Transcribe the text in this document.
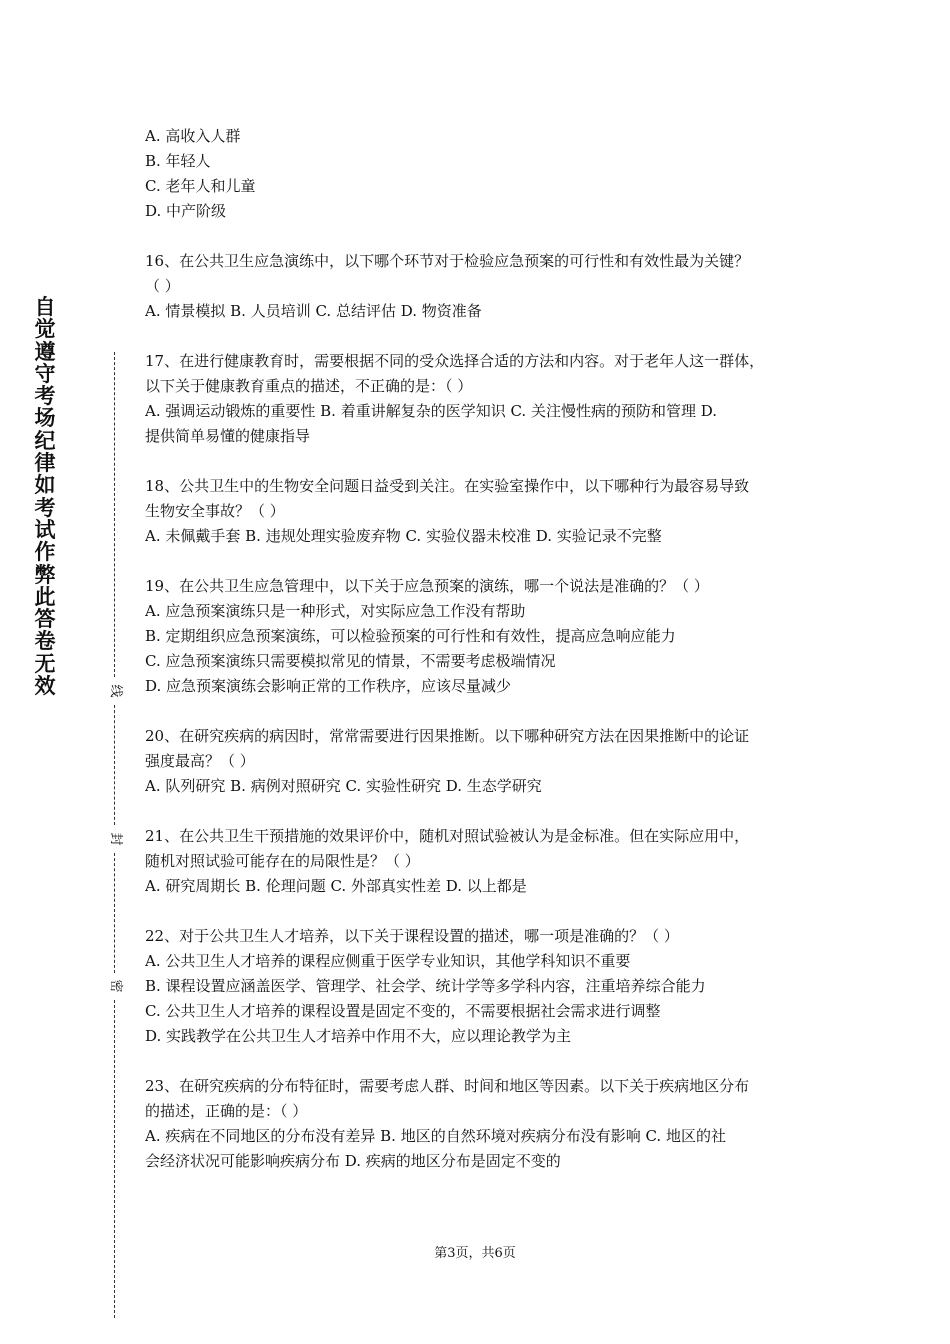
自觉遵守考场纪律如考试作弊此答卷无效	线
封
密
A. 高收入人群
B. 年轻人
C. 老年人和儿童
D. 中产阶级
16、在公共卫生应急演练中，以下哪个环节对于检验应急预案的可行性和有效性最为关键？
（ ）
A. 情景模拟 B. 人员培训 C. 总结评估 D. 物资准备
17、在进行健康教育时，需要根据不同的受众选择合适的方法和内容。对于老年人这一群体，
以下关于健康教育重点的描述，不正确的是：（ ）
A. 强调运动锻炼的重要性 B. 着重讲解复杂的医学知识 C. 关注慢性病的预防和管理 D.
提供简单易懂的健康指导
18、公共卫生中的生物安全问题日益受到关注。在实验室操作中，以下哪种行为最容易导致
生物安全事故？（ ）
A. 未佩戴手套 B. 违规处理实验废弃物 C. 实验仪器未校准 D. 实验记录不完整
19、在公共卫生应急管理中，以下关于应急预案的演练，哪一个说法是准确的？（ ）
A. 应急预案演练只是一种形式，对实际应急工作没有帮助
B. 定期组织应急预案演练，可以检验预案的可行性和有效性，提高应急响应能力
C. 应急预案演练只需要模拟常见的情景，不需要考虑极端情况
D. 应急预案演练会影响正常的工作秩序，应该尽量减少
20、在研究疾病的病因时，常常需要进行因果推断。以下哪种研究方法在因果推断中的论证
强度最高？（ ）
A. 队列研究 B. 病例对照研究 C. 实验性研究 D. 生态学研究
21、在公共卫生干预措施的效果评价中，随机对照试验被认为是金标准。但在实际应用中，
随机对照试验可能存在的局限性是？（ ）
A. 研究周期长 B. 伦理问题 C. 外部真实性差 D. 以上都是
22、对于公共卫生人才培养，以下关于课程设置的描述，哪一项是准确的？（ ）
A. 公共卫生人才培养的课程应侧重于医学专业知识，其他学科知识不重要
B. 课程设置应涵盖医学、管理学、社会学、统计学等多学科内容，注重培养综合能力
C. 公共卫生人才培养的课程设置是固定不变的，不需要根据社会需求进行调整
D. 实践教学在公共卫生人才培养中作用不大，应以理论教学为主
23、在研究疾病的分布特征时，需要考虑人群、时间和地区等因素。以下关于疾病地区分布
的描述，正确的是：（ ）
A. 疾病在不同地区的分布没有差异 B. 地区的自然环境对疾病分布没有影响 C. 地区的社
会经济状况可能影响疾病分布 D. 疾病的地区分布是固定不变的
第3页，共6页
